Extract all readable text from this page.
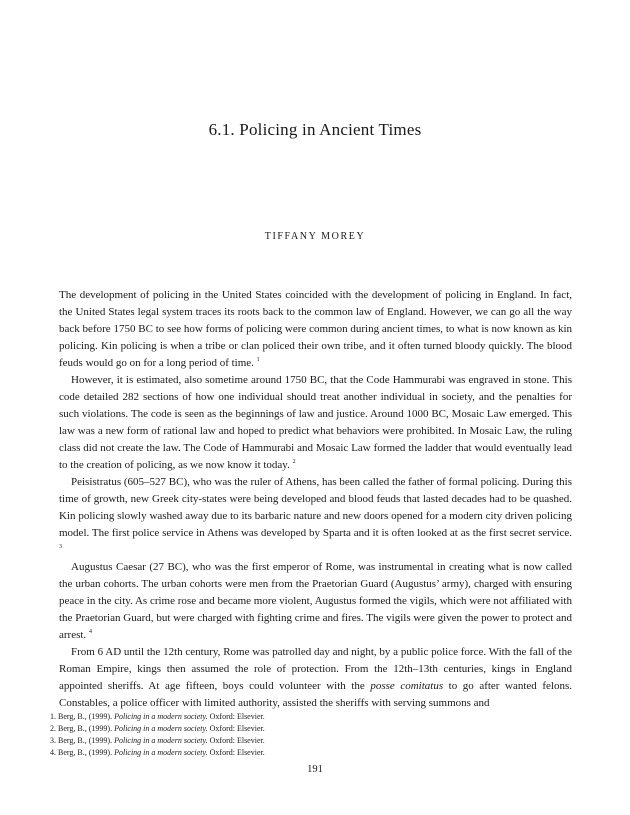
6.1. Policing in Ancient Times
TIFFANY MOREY

The development of policing in the United States coincided with the development of policing in England. In fact, the United States legal system traces its roots back to the common law of England. However, we can go all the way back before 1750 BC to see how forms of policing were common during ancient times, to what is now known as kin policing. Kin policing is when a tribe or clan policed their own tribe, and it often turned bloody quickly. The blood feuds would go on for a long period of time. $^1$

However, it is estimated, also sometime around 1750 BC, that the Code Hammurabi was engraved in stone. This code detailed 282 sections of how one individual should treat another individual in society, and the penalties for such violations. The code is seen as the beginnings of law and justice. Around 1000 BC, Mosaic Law emerged. This law was a new form of rational law and hoped to predict what behaviors were prohibited. In Mosaic Law, the ruling class did not create the law. The Code of Hammurabi and Mosaic Law formed the ladder that would eventually lead to the creation of policing, as we now know it today. $^2$

Peisistratus (605–527 BC), who was the ruler of Athens, has been called the father of formal policing. During this time of growth, new Greek city-states were being developed and blood feuds that lasted decades had to be quashed. Kin policing slowly washed away due to its barbaric nature and new doors opened for a modern city driven policing model. The first police service in Athens was developed by Sparta and it is often looked at as the first secret service. $^3$

Augustus Caesar (27 BC), who was the first emperor of Rome, was instrumental in creating what is now called the urban cohorts. The urban cohorts were men from the Praetorian Guard (Augustus’ army), charged with ensuring peace in the city. As crime rose and became more violent, Augustus formed the vigils, which were not affiliated with the Praetorian Guard, but were charged with fighting crime and fires. The vigils were given the power to protect and arrest. $^4$

From 6 AD until the 12th century, Rome was patrolled day and night, by a public police force. With the fall of the Roman Empire, kings then assumed the role of protection. From the 12th–13th centuries, kings in England appointed sheriffs. At age fifteen, boys could volunteer with the posse comitatus to go after wanted felons. Constables, a police officer with limited authority, assisted the sheriffs with serving summons and

1. Berg, B., (1999). Policing in a modern society. Oxford: Elsevier.
2. Berg, B., (1999). Policing in a modern society. Oxford: Elsevier.
3. Berg, B., (1999). Policing in a modern society. Oxford: Elsevier.
4. Berg, B., (1999). Policing in a modern society. Oxford: Elsevier.
191
